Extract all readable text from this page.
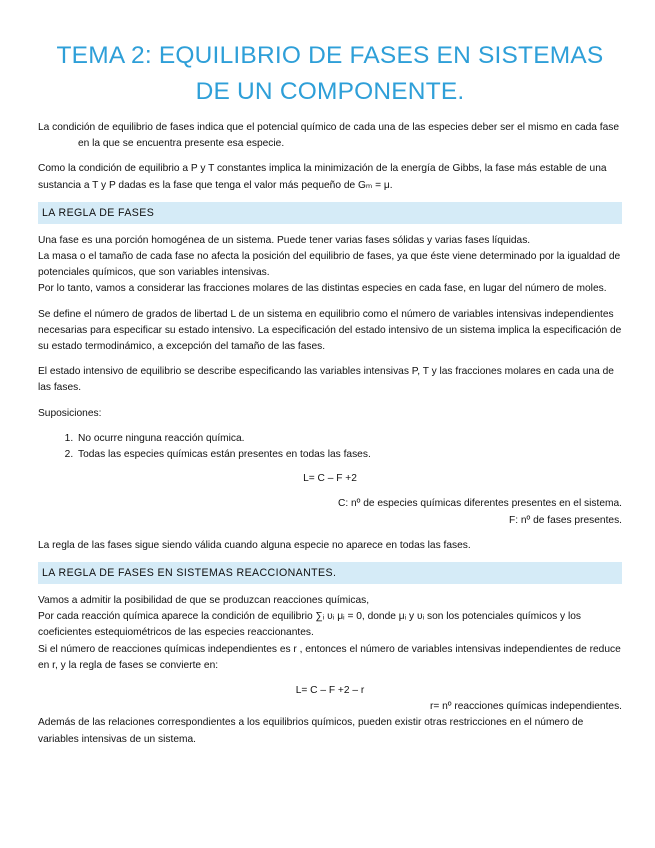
TEMA 2: EQUILIBRIO DE FASES EN SISTEMAS
DE UN COMPONENTE.

La condición de equilibrio de fases indica que el potencial químico de cada una de las especies deber ser el mismo en cada fase en la que se encuentra presente esa especie.

Como la condición de equilibrio a P y T constantes implica la minimización de la energía de Gibbs, la fase más estable de una sustancia a T y P dadas es la fase que tenga el valor más pequeño de Gₘ = μ.

LA REGLA DE FASES

Una fase es una porción homogénea de un sistema. Puede tener varias fases sólidas y varias fases líquidas.

La masa o el tamaño de cada fase no afecta la posición del equilibrio de fases, ya que éste viene determinado por la igualdad de potenciales químicos, que son variables intensivas.

Por lo tanto, vamos a considerar las fracciones molares de las distintas especies en cada fase, en lugar del número de moles.

Se define el número de grados de libertad L de un sistema en equilibrio como el número de variables intensivas independientes necesarias para especificar su estado intensivo. La especificación del estado intensivo de un sistema implica la especificación de su estado termodinámico, a excepción del tamaño de las fases.

El estado intensivo de equilibrio se describe especificando las variables intensivas P, T y las fracciones molares en cada una de las fases.

Suposiciones:

1. No ocurre ninguna reacción química.
2. Todas las especies químicas están presentes en todas las fases.

L= C – F +2

C: nº de especies químicas diferentes presentes en el sistema.

F: nº de fases presentes.

La regla de las fases sigue siendo válida cuando alguna especie no aparece en todas las fases.

LA REGLA DE FASES EN SISTEMAS REACCIONANTES.

Vamos a admitir la posibilidad de que se produzcan reacciones químicas,

Por cada reacción química aparece la condición de equilibrio ∑ᵢ υᵢ μᵢ = 0, donde μᵢ y υᵢ son los potenciales químicos y los coeficientes estequiométricos de las especies reaccionantes.

Si el número de reacciones químicas independientes es r , entonces el número de variables intensivas independientes de reduce en r, y la regla de fases se convierte en:

L= C – F +2 – r

r= nº reacciones químicas independientes.

Además de las relaciones correspondientes a los equilibrios químicos, pueden existir otras restricciones en el número de variables intensivas de un sistema.
